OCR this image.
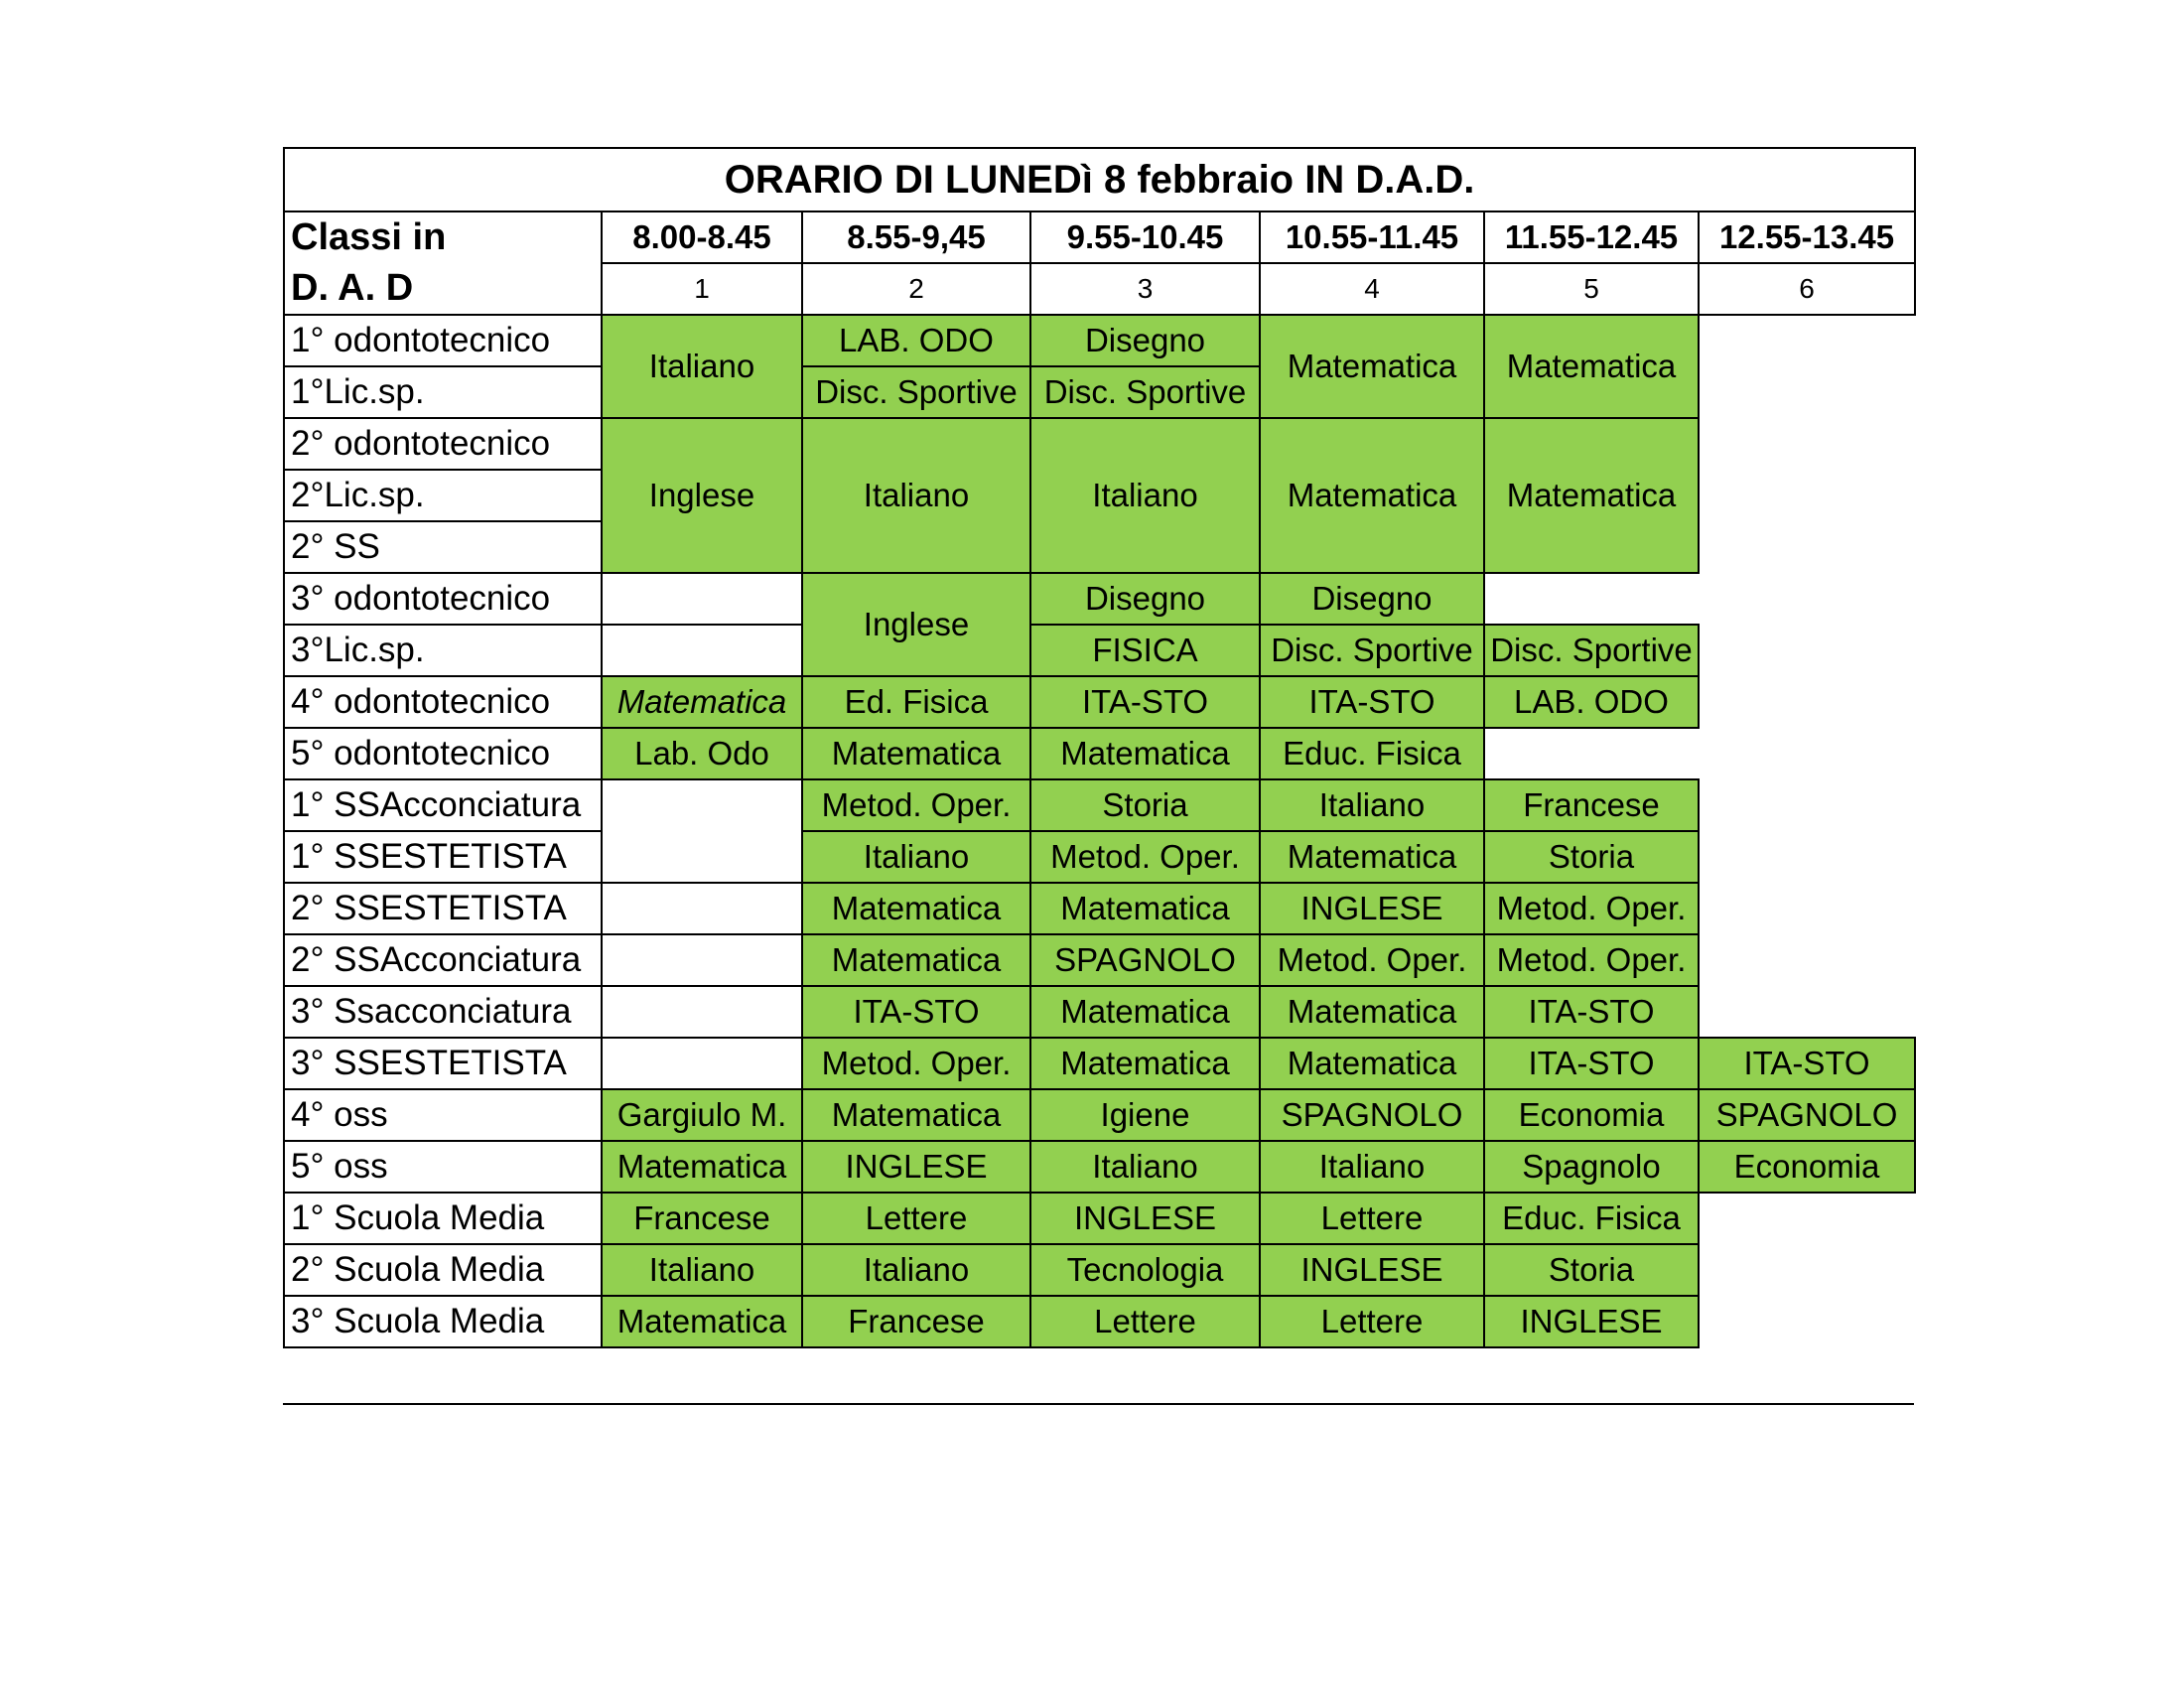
ORARIO DI LUNEDì 8 febbraio IN D.A.D.						
Classi in	8.00-8.45	8.55-9,45	9.55-10.45	10.55-11.45	11.55-12.45	12.55-13.45
D. A. D	1	2	3	4	5	6
1° odontotecnico	Italiano	LAB. ODO	Disegno	Matematica	Matematica	
1°Lic.sp.		Disc. Sportive	Disc. Sportive			
2° odontotecnico	Inglese	Italiano	Italiano	Matematica	Matematica	
2°Lic.sp.						
2° SS						
3° odontotecnico		Inglese	Disegno	Disegno		
3°Lic.sp.			FISICA	Disc. Sportive	Disc. Sportive	
4° odontotecnico	Matematica	Ed. Fisica	ITA-STO	ITA-STO	LAB. ODO	
5° odontotecnico	Lab. Odo	Matematica	Matematica	Educ. Fisica		
1° SSAcconciatura		Metod. Oper.	Storia	Italiano	Francese	
1° SSESTETISTA		Italiano	Metod. Oper.	Matematica	Storia	
2° SSESTETISTA		Matematica	Matematica	INGLESE	Metod. Oper.	
2° SSAcconciatura		Matematica	SPAGNOLO	Metod. Oper.	Metod. Oper.	
3° Ssacconciatura		ITA-STO	Matematica	Matematica	ITA-STO	
3° SSESTETISTA		Metod. Oper.	Matematica	Matematica	ITA-STO	ITA-STO
4° oss	Gargiulo M.	Matematica	Igiene	SPAGNOLO	Economia	SPAGNOLO
5° oss	Matematica	INGLESE	Italiano	Italiano	Spagnolo	Economia
1° Scuola Media	Francese	Lettere	INGLESE	Lettere	Educ. Fisica	
2° Scuola Media	Italiano	Italiano	Tecnologia	INGLESE	Storia	
3° Scuola Media	Matematica	Francese	Lettere	Lettere	INGLESE	
